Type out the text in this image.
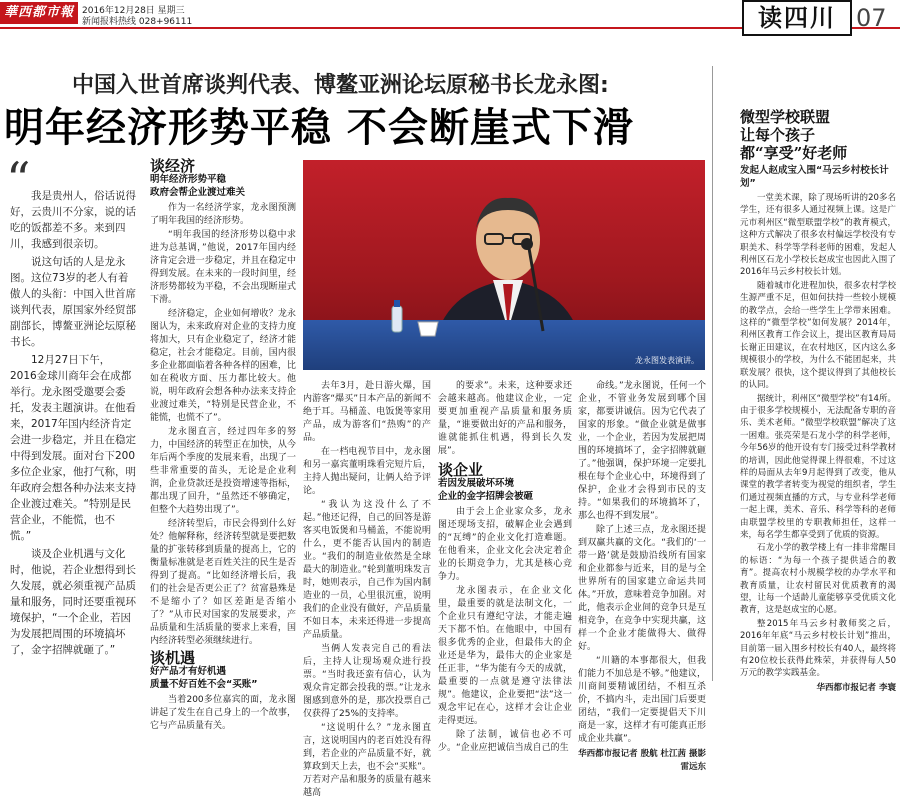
華西都市報 2016年12月28日 星期三
新闻报料热线 028+96111	读四川 07
中国入世首席谈判代表、博鳌亚洲论坛原秘书长龙永图:
明年经济形势平稳 不会断崖式下滑
“ 我是贵州人，俗话说得好，云贵川不分家，说的话吃的饭都差不多。来到四川，我感到很亲切。

说这句话的人是龙永图。这位73岁的老人有着傲人的头衔：中国入世首席谈判代表，原国家外经贸部副部长，博鳌亚洲论坛原秘书长。

12月27日下午，2016金球川商年会在成都举行。龙永图受邀要会委托，发表主题演讲。在他看来，2017年国内经济肯定会进一步稳定，并且在稳定中得到发展。面对台下200多位企业家，他打气称，明年政府会想各种办法来支持企业渡过难关。“特别是民营企业，不能慌，也不慌。”

谈及企业机遇与文化时，他说，若企业想得到长久发展，就必须重视产品质量和服务，同时还要重视环境保护，“一个企业，若因为发展把周围的环境搞坏了，金字招牌就砸了。”

谈经济
明年经济形势平稳
政府会帮企业渡过难关

作为一名经济学家，龙永图预测了明年我国的经济形势。

“明年我国的经济形势以稳中求进为总基调，”他说，2017年国内经济肯定会进一步稳定，并且在稳定中得到发展。在未来的一段时间里，经济形势都较为平稳，不会出现断崖式下滑。

经济稳定，企业如何增收？龙永图认为，未来政府对企业的支持力度将加大，只有企业稳定了，经济才能稳定，社会才能稳定。目前，国内很多企业都面临着各种各样的困难，比如在税收方面、压力都比较大。他说，明年政府会想各种办法来支持企业渡过难关，“特别是民营企业，不能慌，也慌不了”。

龙永图直言，经过四年多的努力，中国经济的转型正在加快，从今年后两个季度的发展来看，出现了一些非常重要的苗头，无论是企业利润，企业贷款还是投资增速等指标，都出现了回升，“虽然还不够确定，但整个大趋势出现了”。

经济转型后，市民会得到什么好处？他解释称，经济转型就是要把数量的扩张转移到质量的提高上，它的衡量标准就是老百姓关注的民生是否得到了提高。“比如经济增长后，我们的社会是否更公正了？贫富悬殊是不是缩小了？如区差距是否缩小了？”从市民对国家的发展要求，产品质量和生活质量的要求上来看，国内经济转型必须继续进行。

谈机遇
好产品才有好机遇
质量不好百姓不会“买账”

当着200多位嘉宾的面，龙永图讲起了发生在自己身上的一个故事，它与产品质量有关。

龙永图发表演讲。

去年3月，赴日游火爆，国内游客“爆买”日本产品的新闻不绝于耳。马桶盖、电饭煲等家用产品，成为游客们“热购”的产品。

在一档电视节目中，龙永图和另一嘉宾董明珠看完短片后，主持人抛出疑问，让俩人给予评论。

“我认为这没什么了不起。”他还记得，自己的回答是游客买电饭煲和马桶盖，不能说明什么，更不能否认国内的制造业。“我们的制造业依然是全球最大的制造业。”轮到董明珠发言时，她则表示，自己作为国内制造业的一员，心里很沉重，说明我们的企业没有做好，产品质量不如日本，未来还得进一步提高产品质量。

当俩人发表完自己的看法后，主持人让现场观众进行投票。“当时我还蛮有信心，认为观众肯定都会投我的票。”让龙永图感到意外的是，那次投票自己仅获得了25%的支持率。

“这说明什么？”龙永图直言，这说明国内的老百姓没有得到，若企业的产品质量不好，就算政到天上去，也不会“买账”。万若对产品和服务的质量有越来越高

的要求”。未来，这种要求还会越来越高。他建议企业，一定要更加重视产品质量和服务质量，“谁要做出好的产品和服务，谁就能抓住机遇，得到长久发展”。

谈企业
若因发展破坏环境
企业的金字招牌会被砸

由于会上企业家众多，龙永图还现场支招，破解企业会遇到的“瓦缚”的企业文化打造难题。在他看来，企业文化会决定着企业的长期竞争力，尤其是核心竞争力。

龙永图表示，在企业文化里，最重要的就是法制文化，一个企业只有遵纪守法，才能走遍天下都不怕。在他眼中，中国有很多优秀的企业，但最伟大的企业还是华为，最伟大的企业家是任正非，“华为能有今天的成就，最重要的一点就是遵守法律法规”。他建议，企业要把“法”这一观念牢记在心，这样才会让企业走得更远。

除了法制，诚信也必不可少。“企业应把诚信当成自己的生

命线。”龙永图说，任何一个企业，不管业务发展到哪个国家，都要讲诚信。因为它代表了国家的形象。“做企业就是做事业，一个企业，若因为发展把周围的环境搞坏了，金字招牌就砸了。”他强调，保护环境一定要扎根在每个企业心中，环境得到了保护，企业才会得到市民的支持。“如果我们的环境搞坏了，那么也得不到发展”。

除了上述三点，龙永图还提到双赢共赢的文化。“我们的‘一带一路’就是鼓励沿线所有国家和企业都参与近来，目的是与全世界所有的国家建立命运共同体。”开放，意味着竞争加剧。对此，他表示企业间的竞争只是互相竞争，在竞争中实现共赢，这样一个企业才能做得大、做得好。

“川籍的本事都很大，但我们能力不加总是不够。”他建议，川商间要精诚团结，不相互杀价，不搞内斗，走出国门后要更团结，“我们一定要提倡天下川商是一家，这样才有可能真正形成企业共赢”。

华西都市报记者 殷航 杜江茜 摄影 雷远东
微型学校联盟
让每个孩子
都“享受”好老师
发起人赵成宝入围“马云乡村校长计划”

一堂美术课，除了现场听讲的20多名学生，还有很多人通过视频上课。这是广元市利州区“微型联盟学校”的教育模式，这种方式解决了很多农村偏远学校没有专职美术、科学等学科老师的困难，发起人利州区石龙小学校长赵成宝也因此入围了2016年马云乡村校长计划。

随着城市化进程加快，很多农村学校生源严重不足，但如何扶持一些较小规模的教学点，会给一些学生上学带来困难。这样的“微型学校”如何发展？2014年，利州区教育工作会议上，提出区教育局局长谢正田建议，在农村地区，区内这么多规模很小的学校，为什么不能团起来，共联发展？很快，这个提议得到了其他校长的认同。

据统计，利州区“微型学校”有14所。由于很多学校规模小，无法配备专职的音乐、美术老师。“微型学校联盟”解决了这一困难。张亮荣是石龙小学的科学老师，今年56岁的他开设有专门接受过科学教材的培训，因此他觉得课上得很难，不过这样的局面从去年9月起得到了改变，他从课堂的教学者转变为视觉的组织者，学生们通过视频直播的方式，与专业科学老师一起上课，美术、音乐、科学等科的老师由联盟学校里的专职教师担任，这样一来，每名学生都享受到了优质的资源。

石龙小学的教学楼上有一排非常醒目的标语：“为每一个孩子提供适合的教育”。提高农村小规模学校的办学水平和教育质量，让农村留民对优质教育的渴望，让每一个适龄儿童能够享受优质文化教育，这是赵成宝的心愿。

整2015年马云乡村教师奖之后，2016年年底“马云乡村校长计划”推出，目前第一届入围乡村校长有40人，最终将有20位校长获得此殊荣，并获得每人50万元的教学实践基金。

华西都市报记者 李寰
